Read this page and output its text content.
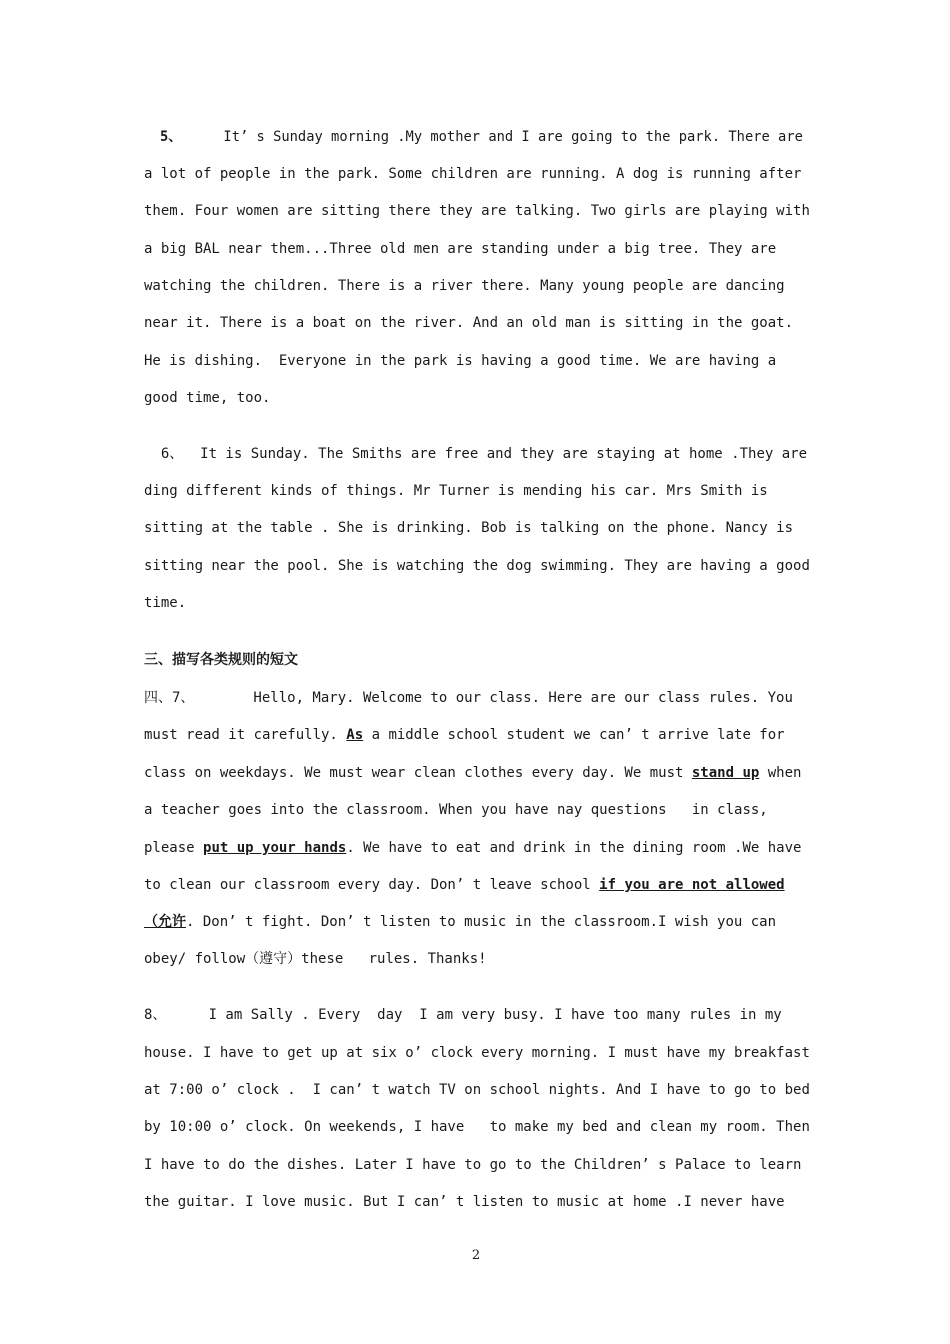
5、     It’ s Sunday morning .My mother and I are going to the park. There are
a lot of people in the park. Some children are running. A dog is running after
them. Four women are sitting there they are talking. Two girls are playing with
a big BAL near them...Three old men are standing under a big tree. They are
watching the children. There is a river there. Many young people are dancing
near it. There is a boat on the river. And an old man is sitting in the goat.
He is dishing.  Everyone in the park is having a good time. We are having a
good time, too.
6、  It is Sunday. The Smiths are free and they are staying at home .They are
ding different kinds of things. Mr Turner is mending his car. Mrs Smith is
sitting at the table . She is drinking. Bob is talking on the phone. Nancy is
sitting near the pool. She is watching the dog swimming. They are having a good
time.
三、描写各类规则的短文
四、7、       Hello, Mary. Welcome to our class. Here are our class rules. You
must read it carefully. As a middle school student we can’ t arrive late for
class on weekdays. We must wear clean clothes every day. We must stand up when
a teacher goes into the classroom. When you have nay questions   in class,
please put up your hands. We have to eat and drink in the dining room .We have
to clean our classroom every day. Don’ t leave school if you are not allowed
（允许. Don’ t fight. Don’ t listen to music in the classroom.I wish you can
obey/ follow（遵守）these   rules. Thanks!
8、     I am Sally . Every  day  I am very busy. I have too many rules in my
house. I have to get up at six o’ clock every morning. I must have my breakfast
at 7:00 o’ clock .  I can’ t watch TV on school nights. And I have to go to bed
by 10:00 o’ clock. On weekends, I have   to make my bed and clean my room. Then
I have to do the dishes. Later I have to go to the Children’ s Palace to learn
the guitar. I love music. But I can’ t listen to music at home .I never have
2
